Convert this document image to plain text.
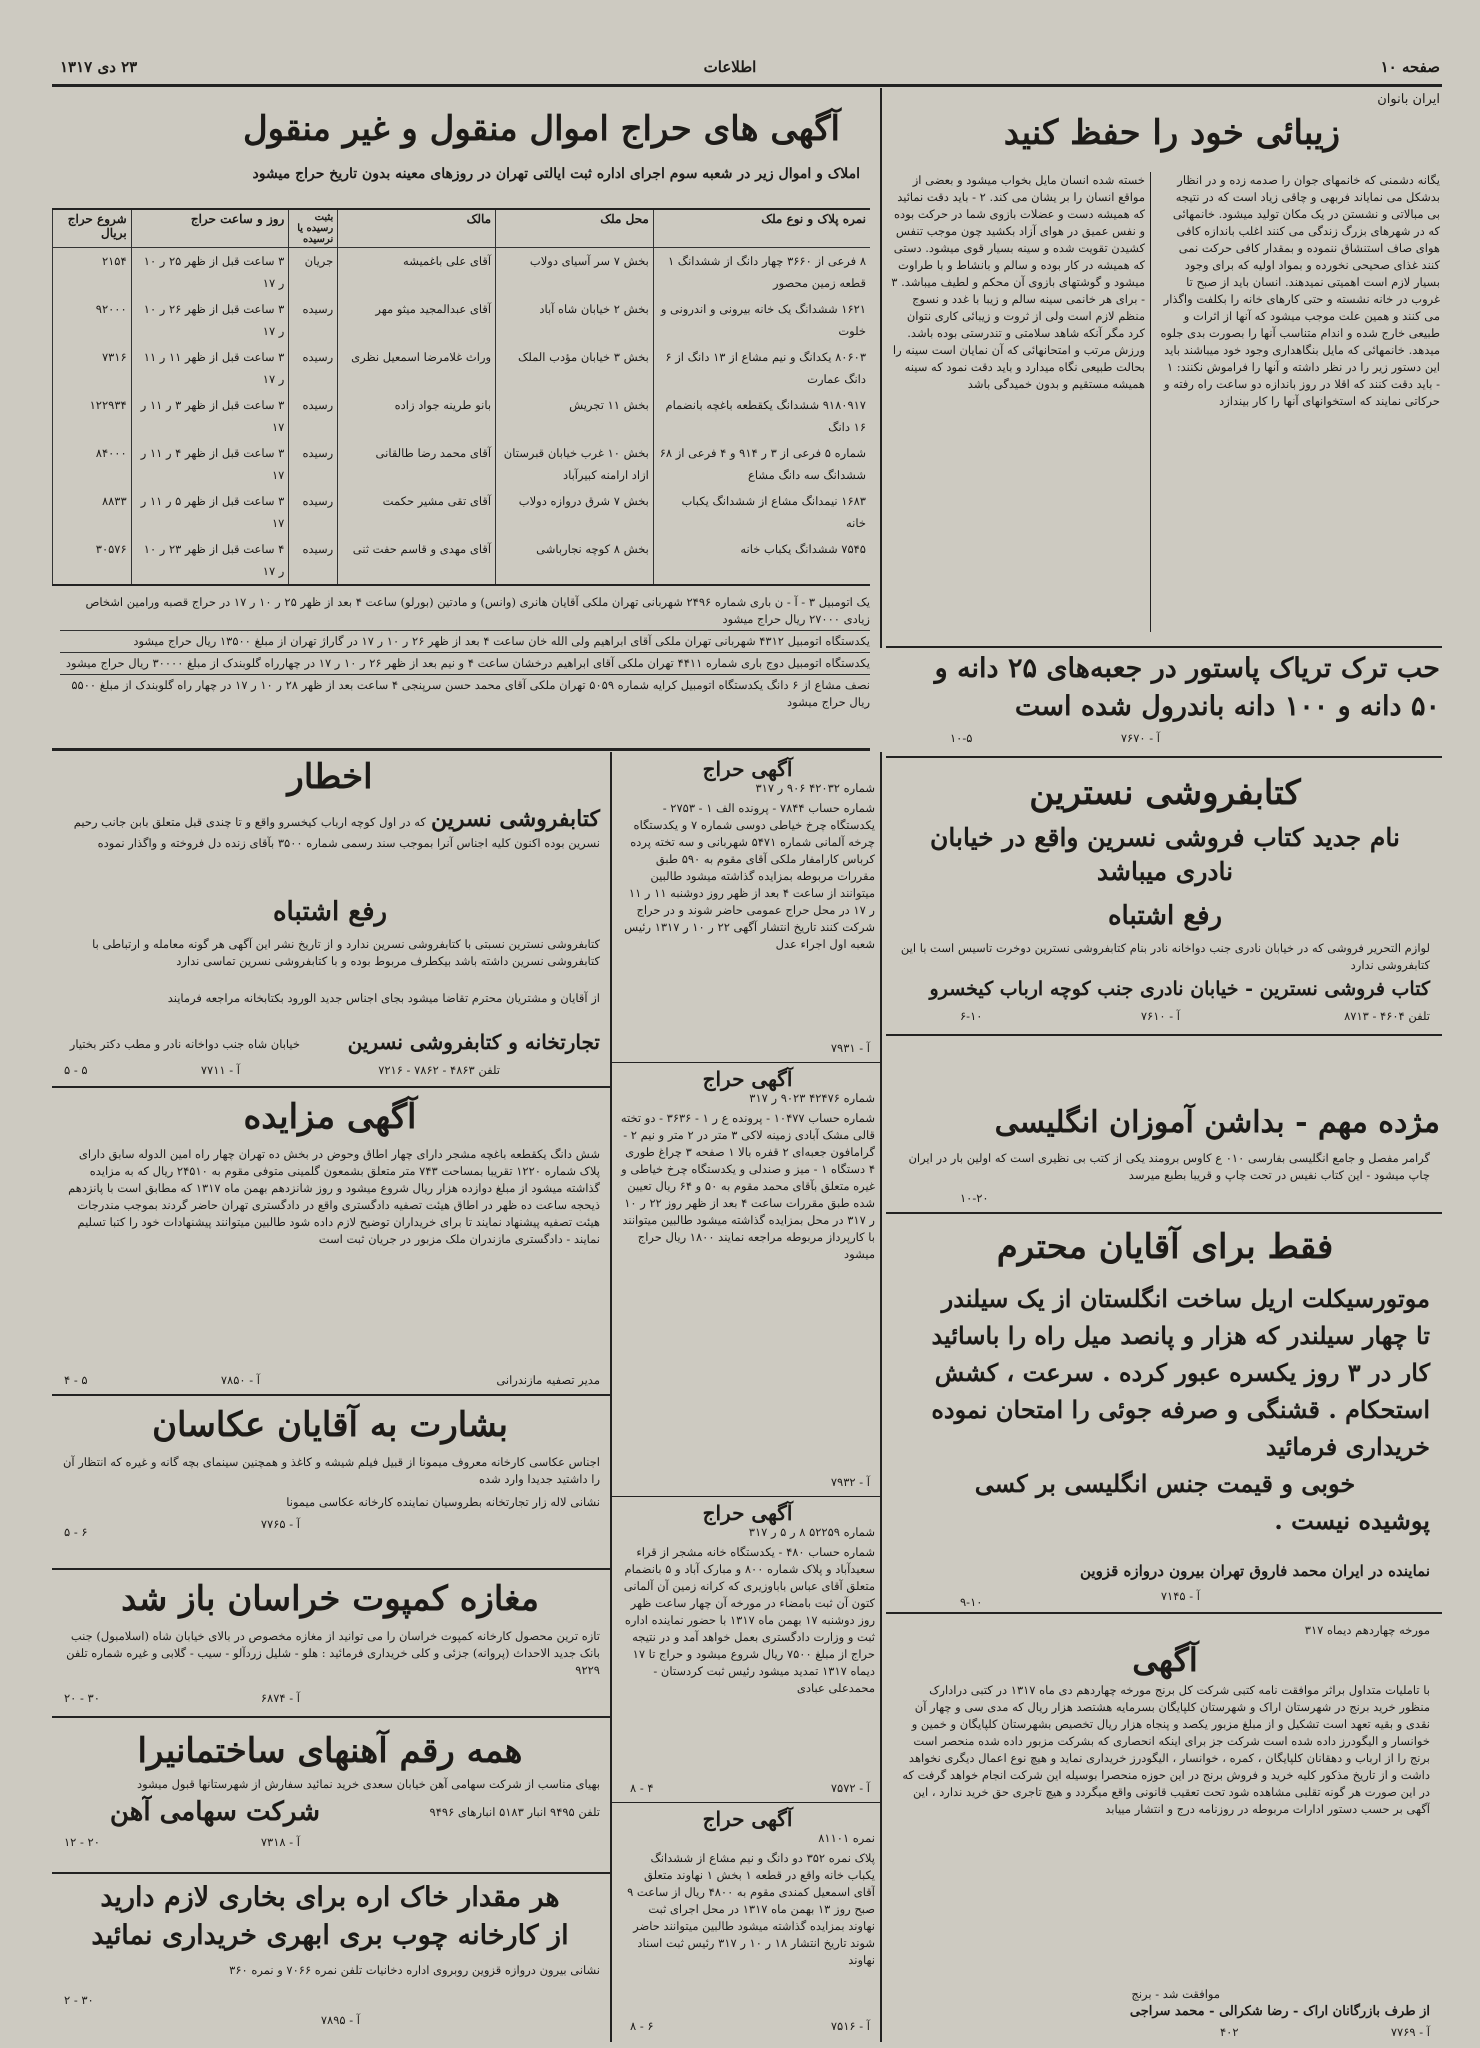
صفحه ۱۰
اطلاعات
۲۳ دی ۱۳۱۷
ایران بانوان
زیبائی خود را حفظ کنید
یگانه دشمنی که خانمهای جوان را صدمه زده و در انظار بدشکل می نمایاند فربهی و چاقی زیاد است که در نتیجه بی مبالاتی و نشستن در یک مکان تولید میشود. خانمهائی که در شهرهای بزرگ زندگی می کنند اغلب باندازه کافی هوای صاف استنشاق ننموده و بمقدار کافی حرکت نمی کنند غذای صحیحی نخورده و بمواد اولیه که برای وجود بسیار لازم است اهمیتی نمیدهند. انسان باید از صبح تا غروب در خانه نشسته و حتی کارهای خانه را بکلفت واگذار می کنند و همین علت موجب میشود که آنها از اثرات و طبیعی خارج شده و اندام متناسب آنها را بصورت بدی جلوه میدهد. خانمهائی که مایل بنگاهداری وجود خود میباشند باید این دستور زیر را در نظر داشته و آنها را فراموش نکنند: ۱ - باید دقت کنند که اقلا در روز باندازه دو ساعت راه رفته و حرکاتی نمایند که استخوانهای آنها را کار بیندازد
خسته شده انسان مایل بخواب میشود و بعضی از مواقع انسان را بر یشان می کند. ۲ - باید دقت نمائید که همیشه دست و عضلات بازوی شما در حرکت بوده و نفس عمیق در هوای آزاد بکشید چون موجب تنفس کشیدن تقویت شده و سینه بسیار قوی میشود. دستی که همیشه در کار بوده و سالم و بانشاط و با طراوت میشود و گوشتهای بازوی آن محکم و لطیف میباشد. ۳ - برای هر خانمی سینه سالم و زیبا با غدد و نسوج منظم لازم است ولی از ثروت و زیبائی کاری نتوان کرد مگر آنکه شاهد سلامتی و تندرستی بوده باشد. ورزش مرتب و امتحانهائی که آن نمایان است سینه را بحالت طبیعی نگاه میدارد و باید دقت نمود که سینه همیشه مستقیم و بدون خمیدگی باشد
آگهی های حراج اموال منقول و غیر منقول
املاک و اموال زیر در شعبه سوم اجرای اداره ثبت ایالتی تهران در روزهای معینه بدون تاریخ حراج میشود
نمره پلاک و نوع ملک	محل ملک	مالک	بثبت رسیده یا نرسیده	روز و ساعت حراج	شروع حراج بریال
۸ فرعی از ۳۶۶۰ چهار دانگ از ششدانگ ۱ قطعه زمین محصور	بخش ۷ سر آسیای دولاب	آقای علی باغمیشه	جریان	۳ ساعت قبل از ظهر ۲۵ ر ۱۰ ر ۱۷	۲۱۵۴
۱۶۲۱ ششدانگ یک خانه بیرونی و اندرونی و خلوت	بخش ۲ خیابان شاه آباد	آقای عبدالمجید میثو مهر	رسیده	۳ ساعت قبل از ظهر ۲۶ ر ۱۰ ر ۱۷	۹۲۰۰۰
۸۰۶۰۳ یکدانگ و نیم مشاع از ۱۳ دانگ از ۶ دانگ عمارت	بخش ۳ خیابان مؤدب الملک	وراث غلامرضا اسمعیل نظری	رسیده	۳ ساعت قبل از ظهر ۱۱ ر ۱۱ ر ۱۷	۷۳۱۶
۹۱۸۰۹۱۷ ششدانگ یکقطعه باغچه بانضمام ۱۶ دانگ	بخش ۱۱ تجریش	بانو طرینه جواد زاده	رسیده	۳ ساعت قبل از ظهر ۳ ر ۱۱ ر ۱۷	۱۲۲۹۳۴
شماره ۵ فرعی از ۳ ر ۹۱۴ و ۴ فرعی از ۶۸ ششدانگ سه دانگ مشاع	بخش ۱۰ غرب خیابان قبرستان ازاد ارامنه کبیرآباد	آقای محمد رضا طالقانی	رسیده	۳ ساعت قبل از ظهر ۴ ر ۱۱ ر ۱۷	۸۴۰۰۰
۱۶۸۳ نیمدانگ مشاع از ششدانگ یکباب خانه	بخش ۷ شرق دروازه دولاب	آقای تقی مشیر حکمت	رسیده	۳ ساعت قبل از ظهر ۵ ر ۱۱ ر ۱۷	۸۸۳۳
۷۵۴۵ ششدانگ یکباب خانه	بخش ۸ کوچه نجارباشی	آقای مهدی و قاسم حفت ثنی	رسیده	۴ ساعت قبل از ظهر ۲۳ ر ۱۰ ر ۱۷	۳۰۵۷۶
یک اتومبیل ۳ - آ - ن باری شماره ۲۴۹۶ شهربانی تهران ملکی آقایان هانری (وانس) و مادتین (بورلو) ساعت ۴ بعد از ظهر ۲۵ ر ۱۰ ر ۱۷ در حراج قصبه ورامین اشخاص زیادی ۲۷۰۰۰ ریال حراج میشود
یکدستگاه اتومبیل ۴۳۱۲ شهربانی تهران ملکی آقای ابراهیم ولی الله خان ساعت ۴ بعد از ظهر ۲۶ ر ۱۰ ر ۱۷ در گاراژ تهران از مبلغ ۱۳۵۰۰ ریال حراج میشود
یکدستگاه اتومبیل دوج باری شماره ۴۴۱۱ تهران ملکی آقای ابراهیم درخشان ساعت ۴ و نیم بعد از ظهر ۲۶ ر ۱۰ ر ۱۷ در چهارراه گلوبندک از مبلغ ۳۰۰۰۰ ریال حراج میشود
نصف مشاع از ۶ دانگ یکدستگاه اتومبیل کرایه شماره ۵۰۵۹ تهران ملکی آقای محمد حسن سرپنجی ۴ ساعت بعد از ظهر ۲۸ ر ۱۰ ر ۱۷ در چهار راه گلوبندک از مبلغ ۵۵۰۰ ریال حراج میشود
حب ترک تریاک پاستور در جعبه‌های ۲۵ دانه و
۵۰ دانه و ۱۰۰ دانه باندرول شده است
آ - ۷۶۷۰
۱۰-۵
کتابفروشی نسترین
نام جدید کتاب فروشی نسرین واقع در خیابان
نادری میباشد
رفع اشتباه
لوازم التحریر فروشی که در خیابان نادری جنب دواخانه نادر بنام کتابفروشی نسترین دوخرت تاسیس است با این کتابفروشی ندارد
کتاب فروشی نسترین - خیابان نادری جنب کوچه ارباب کیخسرو
تلفن ۴۶۰۴ - ۸۷۱۳
آ - ۷۶۱۰
۶-۱۰
مژده مهم - بداشن آموزان انگلیسی
گرامر مفصل و جامع انگلیسی بفارسی ۰۱۰ ع کاوس برومند یکی از کتب بی نظیری است که اولین بار در ایران چاپ میشود - این کتاب نفیس در تحت چاپ و قریبا بطبع میرسد
۱۰-۲۰
فقط برای آقایان محترم
موتورسیکلت اریل ساخت انگلستان از یک سیلندر
تا چهار سیلندر که هزار و پانصد میل راه را باسائید
کار در ۳ روز یکسره عبور کرده . سرعت ، کشش
استحکام . قشنگی و صرفه جوئی را امتحان نموده
خریداری فرمائید
خوبی و قیمت جنس انگلیسی بر کسی
پوشیده نیست .
نماینده در ایران محمد فاروق تهران بیرون دروازه قزوین
آ - ۷۱۴۵
۹-۱۰
مورخه چهاردهم دیماه ۳۱۷
آگهی
با تاملیات متداول براثر موافقت نامه کتبی شرکت کل برنج مورخه چهاردهم دی ماه ۱۳۱۷ در کتبی درادارک منظور خرید برنج در شهرستان اراک و شهرستان کلپایگان بسرمایه هشتصد هزار ریال که مدی سی و چهار آن نقدی و بقیه تعهد است تشکیل و از مبلغ مزبور یکصد و پنجاه هزار ریال تخصیص بشهرستان کلپایگان و خمین و خوانسار و الیگودرز داده شده است شرکت جز برای اینکه انحصاری که بشرکت مزبور داده شده منحصر است برنج را از ارباب و دهقانان کلپایگان ، کمره ، خوانسار ، الیگودرز خریداری نماید و هیچ نوع اعمال دیگری نخواهد داشت و از تاریخ مذکور کلیه خرید و فروش برنج در این حوزه منحصرا بوسیله این شرکت انجام خواهد گرفت که در این صورت هر گونه تقلبی مشاهده شود تحت تعقیب قانونی واقع میگردد و هیچ تاجری حق خرید ندارد ، این آگهی بر حسب دستور ادارات مربوطه در روزنامه درج و انتشار مییابد
موافقت شد - برنج
از طرف بازرگانان اراک - رضا شکرالی - محمد سراجی
آ - ۷۷۶۹
۴۰۲
آگهی حراج
شماره ۴۲۰۳۲ ۹۰۶ ر ۳۱۷
شماره حساب ۷۸۴۴ - پرونده الف ۱ - ۲۷۵۳ - یکدستگاه چرخ خیاطی دوسی شماره ۷ و یکدستگاه چرخه آلمانی شماره ۵۴۷۱ شهربانی و سه تخته پرده کرباس کارامفار ملکی آقای مقوم به ۵۹۰ طبق مقررات مربوطه بمزایده گذاشته میشود طالبین میتوانند از ساعت ۴ بعد از ظهر روز دوشنبه ۱۱ ر ۱۱ ر ۱۷ در محل حراج عمومی حاضر شوند و در حراج شرکت کنند تاریخ انتشار آگهی ۲۲ ر ۱۰ ر ۱۳۱۷ رئیس شعبه اول اجراء عدل
آ - ۷۹۳۱
آگهی حراج
شماره ۴۲۴۷۶ ۹۰۲۳ ر ۳۱۷
شماره حساب ۱۰۴۷۷ - پرونده ع ر ۱ - ۳۶۳۶ - دو تخته قالی مشک آبادی زمینه لاکی ۳ متر در ۲ متر و نیم ۲ - گرامافون جعبه‌ای ۲ قفره بالا ۱ صفحه ۳ چراغ طوری ۴ دستگاه ۱ - میز و صندلی و یکدستگاه چرخ خیاطی و غیره متعلق بآقای محمد مقوم به ۵۰ و ۶۴ ریال تعیین شده طبق مقررات ساعت ۴ بعد از ظهر روز ۲۲ ر ۱۰ ر ۳۱۷ در محل بمزایده گذاشته میشود طالبین میتوانند با کارپرداز مربوطه مراجعه نمایند ۱۸۰۰ ریال حراج میشود
آ - ۷۹۳۲
آگهی حراج
شماره ۵۲۲۵۹ ۸ ر ۵ ر ۳۱۷
شماره حساب ۴۸۰ - یکدستگاه خانه مشجر از قراء سعیدآباد و پلاک شماره ۸۰۰ و مبارک آباد و ۵ بانضمام متعلق آقای عباس باباوزیری که کرانه زمین آن آلمانی کتون آن ثبت بامضاء در مورخه آن چهار ساعت ظهر روز دوشنبه ۱۷ بهمن ماه ۱۳۱۷ با حضور نماینده اداره ثبت و وزارت دادگستری بعمل خواهد آمد و در نتیجه حراج از مبلغ ۷۵۰۰ ریال شروع میشود و حراج تا ۱۷ دیماه ۱۳۱۷ تمدید میشود رئیس ثبت کردستان - محمدعلی عبادی
آ - ۷۵۷۲
۸ - ۴
آگهی حراج
نمره ۸۱۱۰۱
پلاک نمره ۳۵۲ دو دانگ و نیم مشاع از ششدانگ یکباب خانه واقع در قطعه ۱ بخش ۱ نهاوند متعلق آقای اسمعیل کمندی مقوم به ۴۸۰۰ ریال از ساعت ۹ صبح روز ۱۳ بهمن ماه ۱۳۱۷ در محل اجرای ثبت نهاوند بمزایده گذاشته میشود طالبین میتوانند حاضر شوند تاریخ انتشار ۱۸ ر ۱۰ ر ۳۱۷ رئیس ثبت اسناد نهاوند
آ - ۷۵۱۶
۸ - ۶
اخطار
کتابفروشی نسرین که در اول کوچه ارباب کیخسرو واقع و تا چندی قبل متعلق بابن جانب رحیم نسرین بوده اکنون کلیه اجناس آنرا بموجب سند رسمی شماره ۳۵۰۰ بآقای زنده دل فروخته و واگذار نموده
رفع اشتباه
کتابفروشی نسترین نسبتی با کتابفروشی نسرین ندارد و از تاریخ نشر این آگهی هر گونه معامله و ارتباطی با کتابفروشی نسرین داشته باشد بیکطرف مربوط بوده و با کتابفروشی نسرین تماسی ندارد
از آقایان و مشتریان محترم تقاضا میشود بجای اجناس جدید الورود بکتابخانه مراجعه فرمایند
تجارتخانه و کتابفروشی نسرین
خیابان شاه جنب دواخانه نادر و مطب دکتر بختیار
تلفن ۴۸۶۳ - ۷۸۶۲ - ۷۲۱۶
آ - ۷۷۱۱
۵ - ۵
آگهی مزایده
شش دانگ یکقطعه باغچه مشجر دارای چهار اطاق وحوض در بخش ده تهران چهار راه امین الدوله سابق دارای پلاک شماره ۱۲۲۰ تقریبا بمساحت ۷۴۳ متر متعلق بشمعون گلمینی متوفی مقوم به ۲۴۵۱۰ ریال که به مزایده گذاشته میشود از مبلغ دوازده هزار ریال شروع میشود و روز شانزدهم بهمن ماه ۱۳۱۷ که مطابق است با پانزدهم ذیحجه ساعت ده ظهر در اطاق هیئت تصفیه دادگستری واقع در دادگستری تهران حاضر گردند بموجب مندرجات هیئت تصفیه پیشنهاد نمایند تا برای خریداران توضیح لازم داده شود طالبین میتوانند پیشنهادات خود را کتبا تسلیم نمایند - دادگستری مازندران ملک مزبور در جریان ثبت است
مدیر تصفیه مازندرانی
آ - ۷۸۵۰
۴ - ۵
بشارت به آقایان عکاسان
اجناس عکاسی کارخانه معروف میمونا از قبیل فیلم شیشه و کاغذ و همچنین سینمای بچه گانه و غیره که انتظار آن را داشتید جدیدا وارد شده
نشانی لاله زار تجارتخانه بطروسیان نماینده کارخانه عکاسی میمونا
آ - ۷۷۶۵
۵ - ۶
مغازه کمپوت خراسان باز شد
تازه ترین محصول کارخانه کمپوت خراسان را می توانید از مغازه مخصوص در بالای خیابان شاه (اسلامبول) جنب بانک جدید الاحداث (پروانه) جزئی و کلی خریداری فرمائید : هلو - شلیل زردآلو - سیب - گلابی و غیره شماره تلفن ۹۲۲۹
آ - ۶۸۷۴
۲۰ - ۳۰
همه رقم آهنهای ساختمانیرا
بهیای مناسب از شرکت سهامی آهن خیابان سعدی خرید نمائید سفارش از شهرستانها قبول میشود
شرکت سهامی آهن	تلفن ۹۴۹۵ انبار ۵۱۸۳ انبارهای ۹۴۹۶
آ - ۷۳۱۸
۱۲ - ۲۰
هر مقدار خاک اره برای بخاری لازم دارید
از کارخانه چوب بری ابهری خریداری نمائید
نشانی بیرون دروازه قزوین روبروی اداره دخانیات تلفن نمره ۷۰۶۶ و نمره ۳۶۰
آ - ۷۸۹۵
۲ - ۳۰
